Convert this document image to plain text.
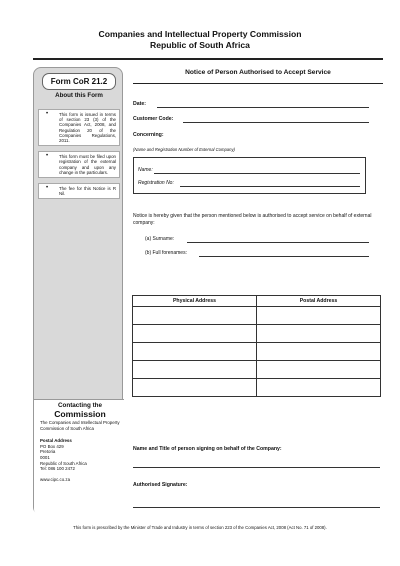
Companies and Intellectual Property Commission
Republic of South Africa
Form CoR 21.2
About this Form
• This form is issued in terms of section 23 (3) of the Companies Act, 2008, and Regulation 20 of the Companies Regulations, 2011.
• This form must be filed upon registration of the external company and upon any change in the particulars.
• The fee for this Notice is R Nil.
Contacting the
Commission
The Companies and Intellectual Property Commission of South Africa
Postal Address
PO Box 429
Pretoria
0001
Republic of South Africa
Tel: 086 100 2472
www.cipc.co.za
Notice of Person Authorised to Accept Service
Date:
Customer Code:
Concerning:
(Name and Registration Number of External Company)
Name:
Registration No:
Notice is hereby given that the person mentioned below is authorised to accept service on behalf of external company:
(a) Surname:
(b) Full forenames:
Physical Address	Postal Address

Name and Title of person signing on behalf of the Company:
Authorised Signature:
This form is prescribed by the Minister of Trade and Industry in terms of section 223 of the Companies Act, 2008 (Act No. 71 of 2008).
